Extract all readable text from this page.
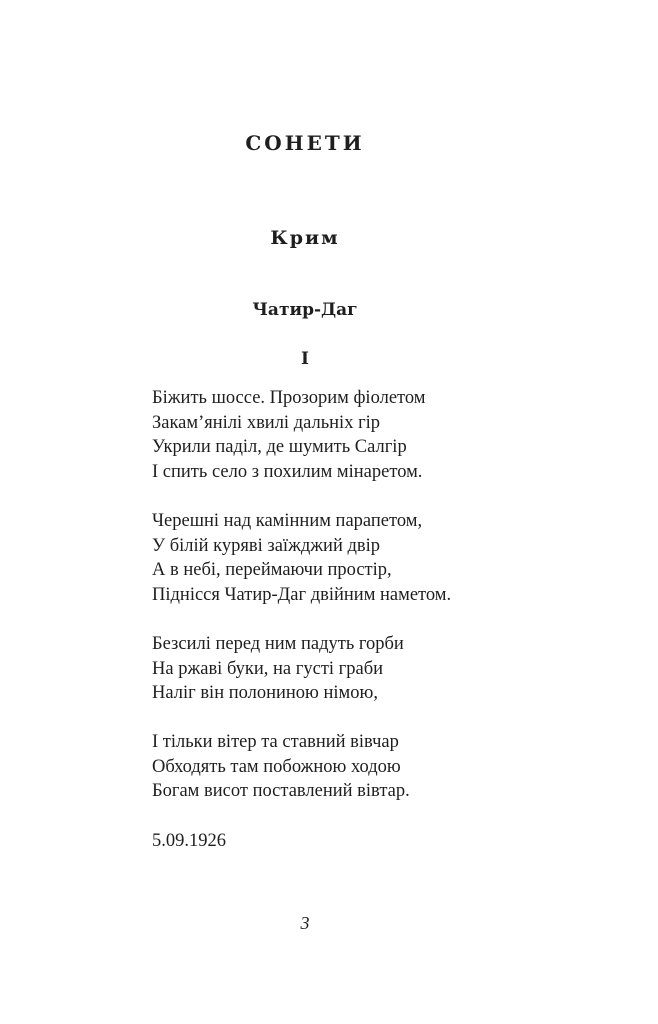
СОНЕТИ
Крим
Чатир-Даг
I
Біжить шоссе. Прозорим фіолетом
Закам’янілі хвилі дальніх гір
Укрили паділ, де шумить Салгір
І спить село з похилим мінаретом.
Черешні над камінним парапетом,
У білій куряві заїжджий двір
А в небі, переймаючи простір,
Піднісся Чатир-Даг двійним наметом.
Безсилі перед ним падуть горби
На ржаві буки, на густі граби
Наліг він полониною німою,
І тільки вітер та ставний вівчар
Обходять там побожною ходою
Богам висот поставлений вівтар.
5.09.1926
3
